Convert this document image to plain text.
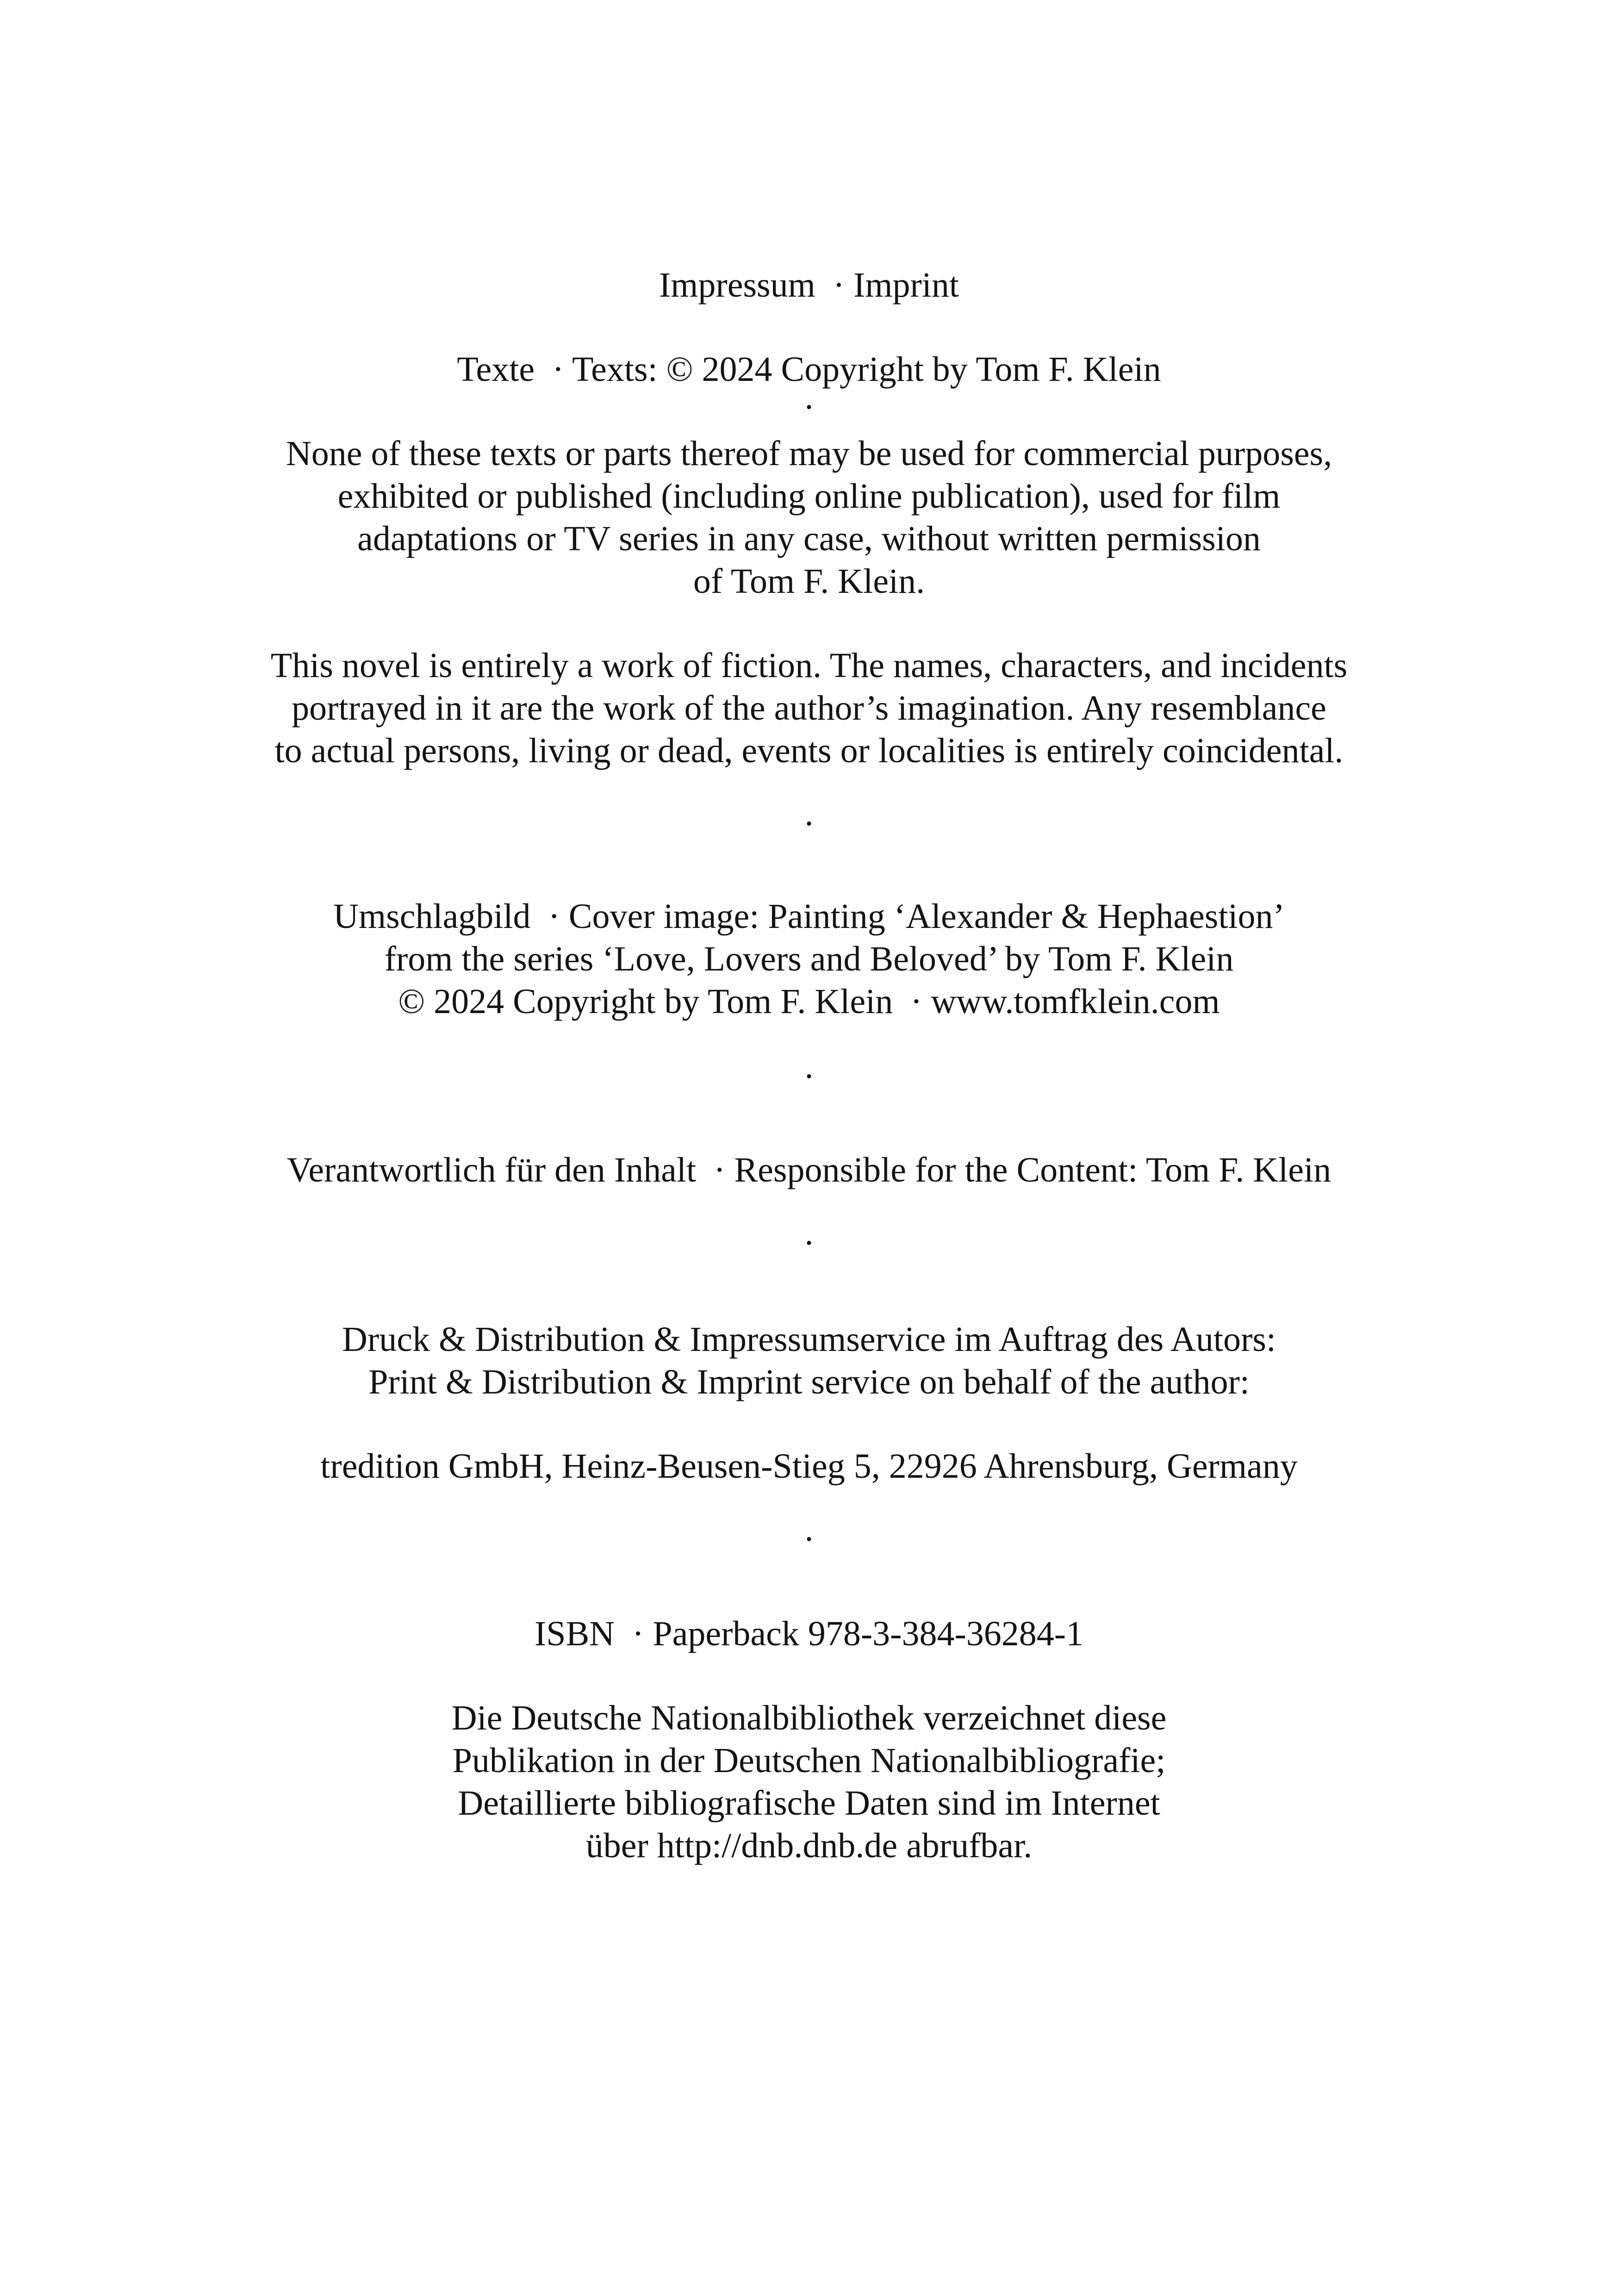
Impressum  · Imprint
Texte  · Texts: © 2024 Copyright by Tom F. Klein
·
None of these texts or parts thereof may be used for commercial purposes,
exhibited or published (including online publication), used for film
adaptations or TV series in any case, without written permission
of Tom F. Klein.
This novel is entirely a work of fiction. The names, characters, and incidents
portrayed in it are the work of the author’s imagination. Any resemblance
to actual persons, living or dead, events or localities is entirely coincidental.
·
Umschlagbild  · Cover image: Painting ‘Alexander & Hephaestion’
from the series ‘Love, Lovers and Beloved’ by Tom F. Klein
© 2024 Copyright by Tom F. Klein  · www.tomfklein.com
·
Verantwortlich für den Inhalt  · Responsible for the Content: Tom F. Klein
·
Druck & Distribution & Impressumservice im Auftrag des Autors:
Print & Distribution & Imprint service on behalf of the author:
tredition GmbH, Heinz-Beusen-Stieg 5, 22926 Ahrensburg, Germany
·
ISBN  · Paperback 978-3-384-36284-1
Die Deutsche Nationalbibliothek verzeichnet diese
Publikation in der Deutschen Nationalbibliografie;
Detaillierte bibliografische Daten sind im Internet
über http://dnb.dnb.de abrufbar.
